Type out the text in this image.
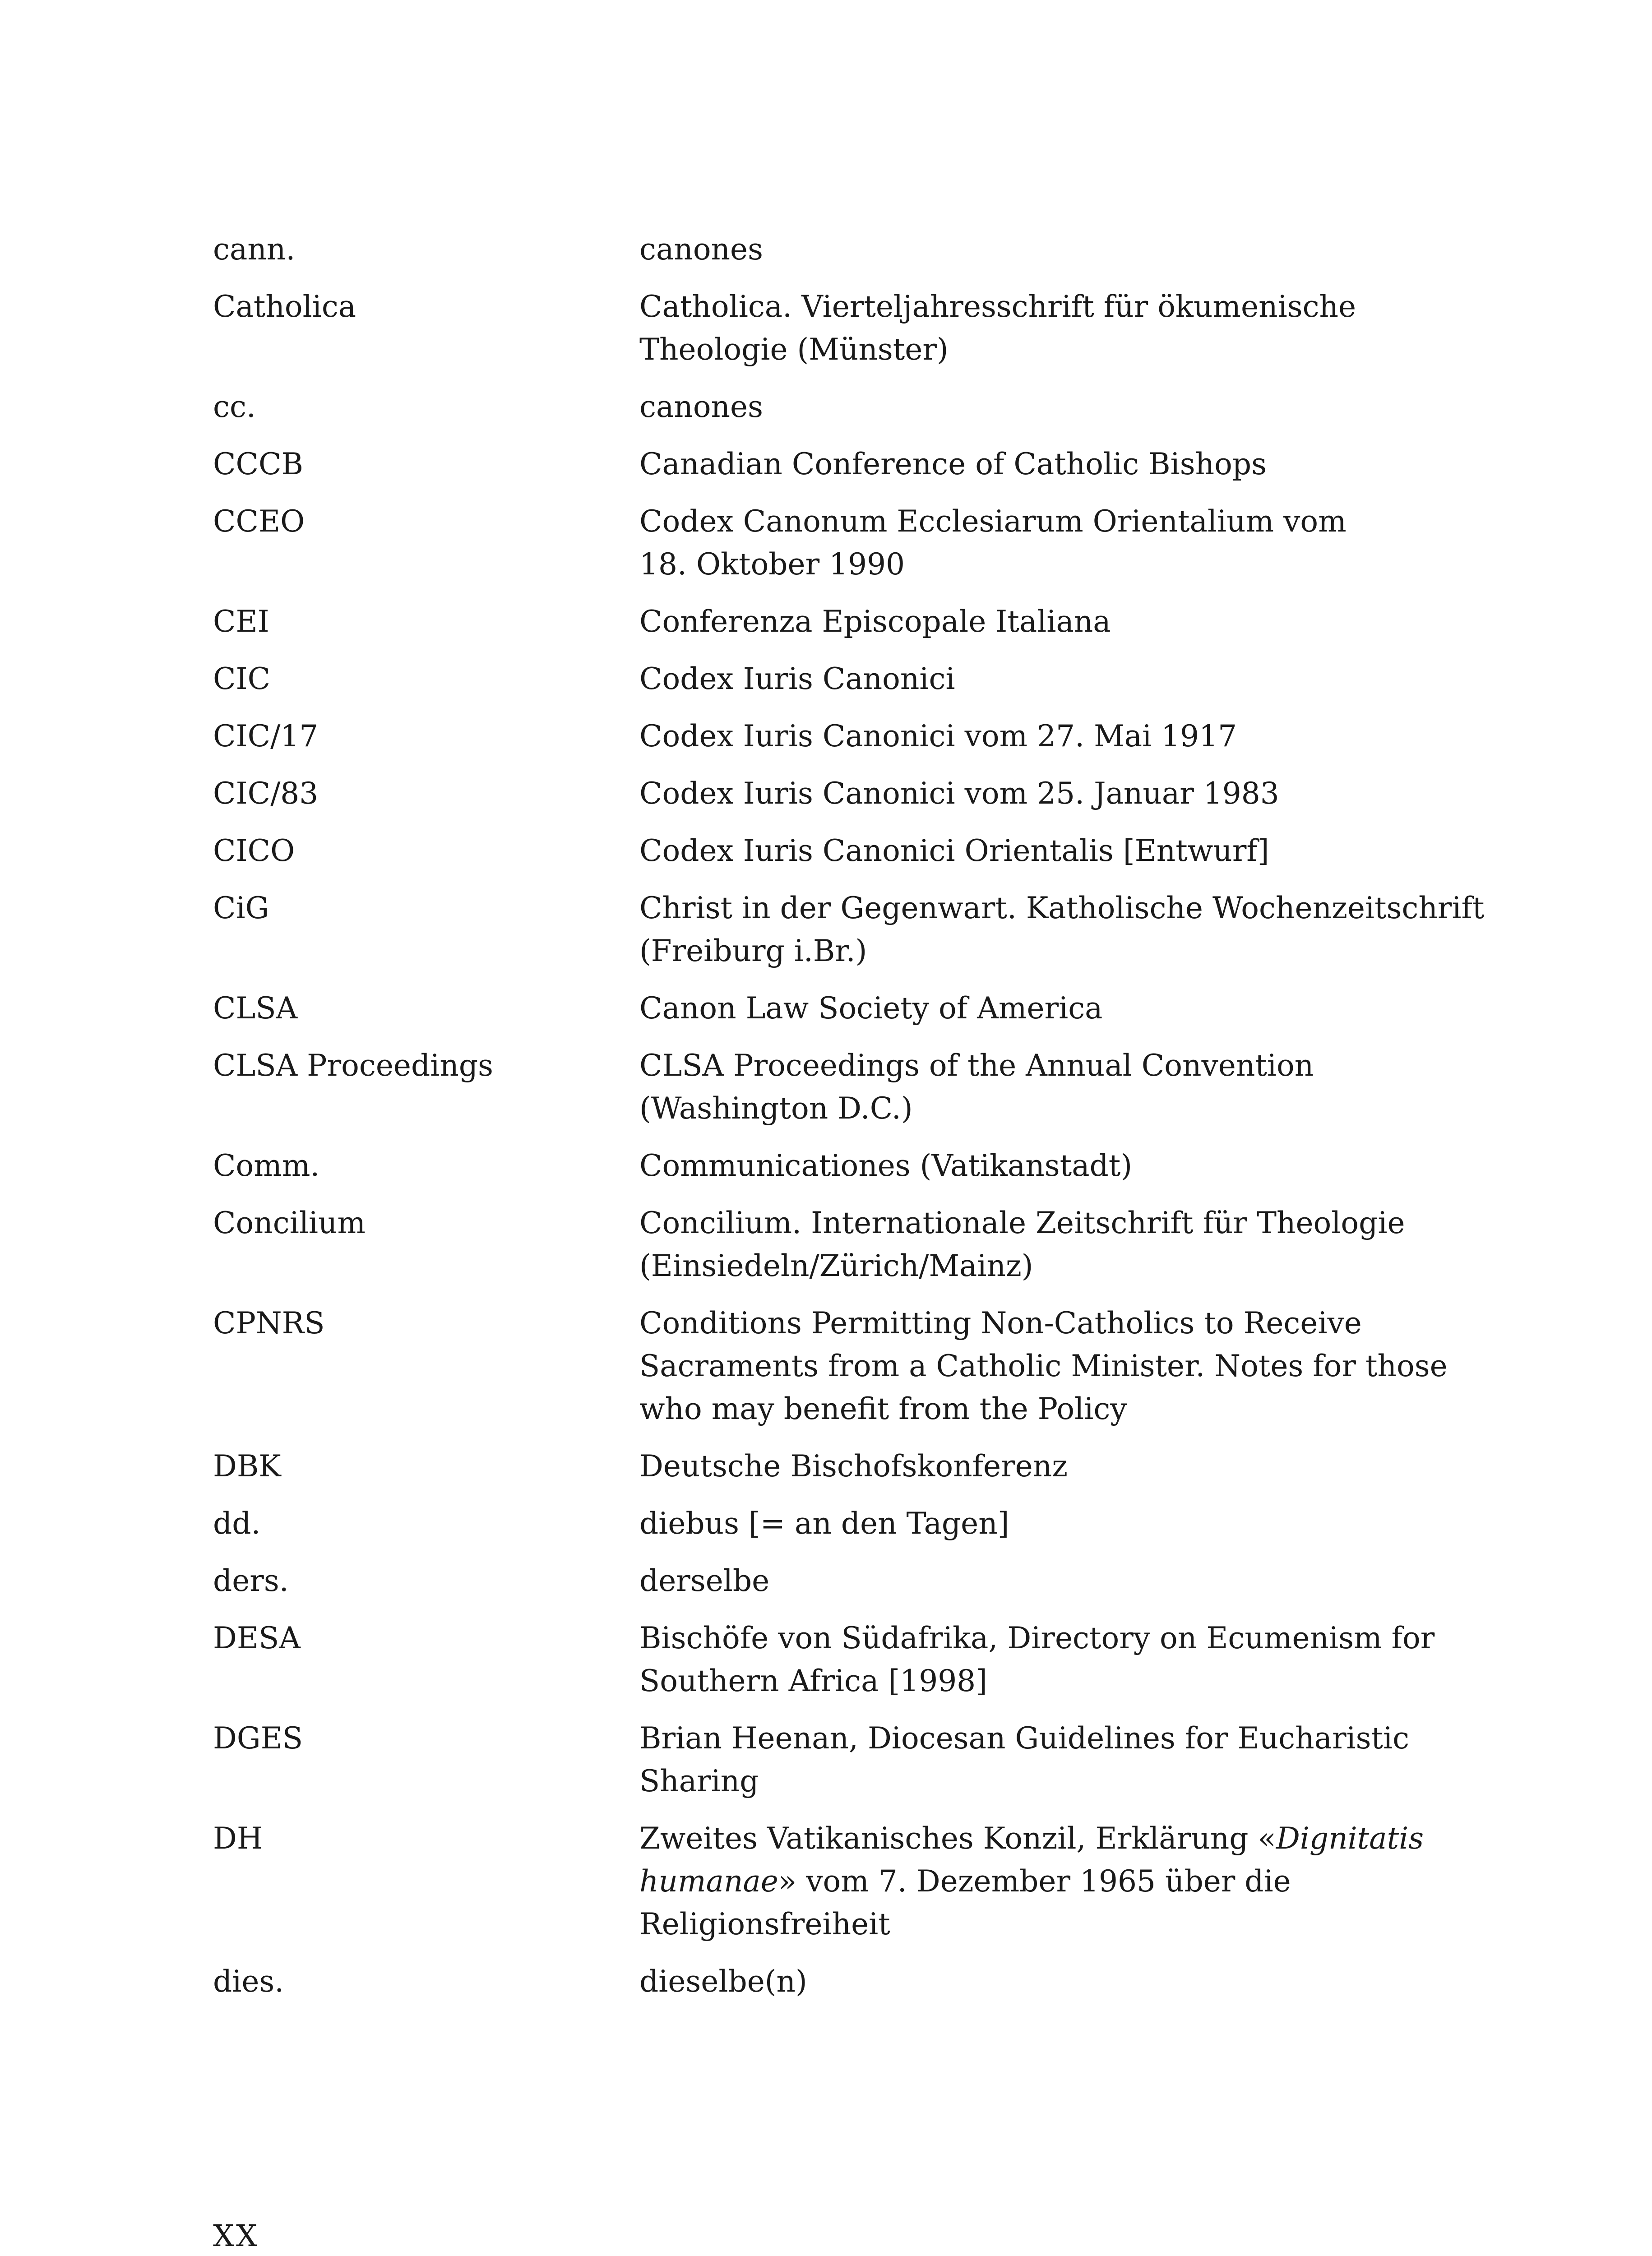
cann.	canones
Catholica	Catholica. Vierteljahresschrift für ökumenische
Theologie (Münster)
cc.	canones
CCCB	Canadian Conference of Catholic Bishops
CCEO	Codex Canonum Ecclesiarum Orientalium vom
18. Oktober 1990
CEI	Conferenza Episcopale Italiana
CIC	Codex Iuris Canonici
CIC/17	Codex Iuris Canonici vom 27. Mai 1917
CIC/83	Codex Iuris Canonici vom 25. Januar 1983
CICO	Codex Iuris Canonici Orientalis [Entwurf]
CiG	Christ in der Gegenwart. Katholische Wochenzeitschrift
(Freiburg i.Br.)
CLSA	Canon Law Society of America
CLSA Proceedings	CLSA Proceedings of the Annual Convention
(Washington D.C.)
Comm.	Communicationes (Vatikanstadt)
Concilium	Concilium. Internationale Zeitschrift für Theologie
(Einsiedeln/Zürich/Mainz)
CPNRS	Conditions Permitting Non-Catholics to Receive
Sacraments from a Catholic Minister. Notes for those
who may benefit from the Policy
DBK	Deutsche Bischofskonferenz
dd.	diebus [= an den Tagen]
ders.	derselbe
DESA	Bischöfe von Südafrika, Directory on Ecumenism for
Southern Africa [1998]
DGES	Brian Heenan, Diocesan Guidelines for Eucharistic
Sharing
DH	Zweites Vatikanisches Konzil, Erklärung «Dignitatis
humanae» vom 7. Dezember 1965 über die
Religionsfreiheit
dies.	dieselbe(n)
XX
